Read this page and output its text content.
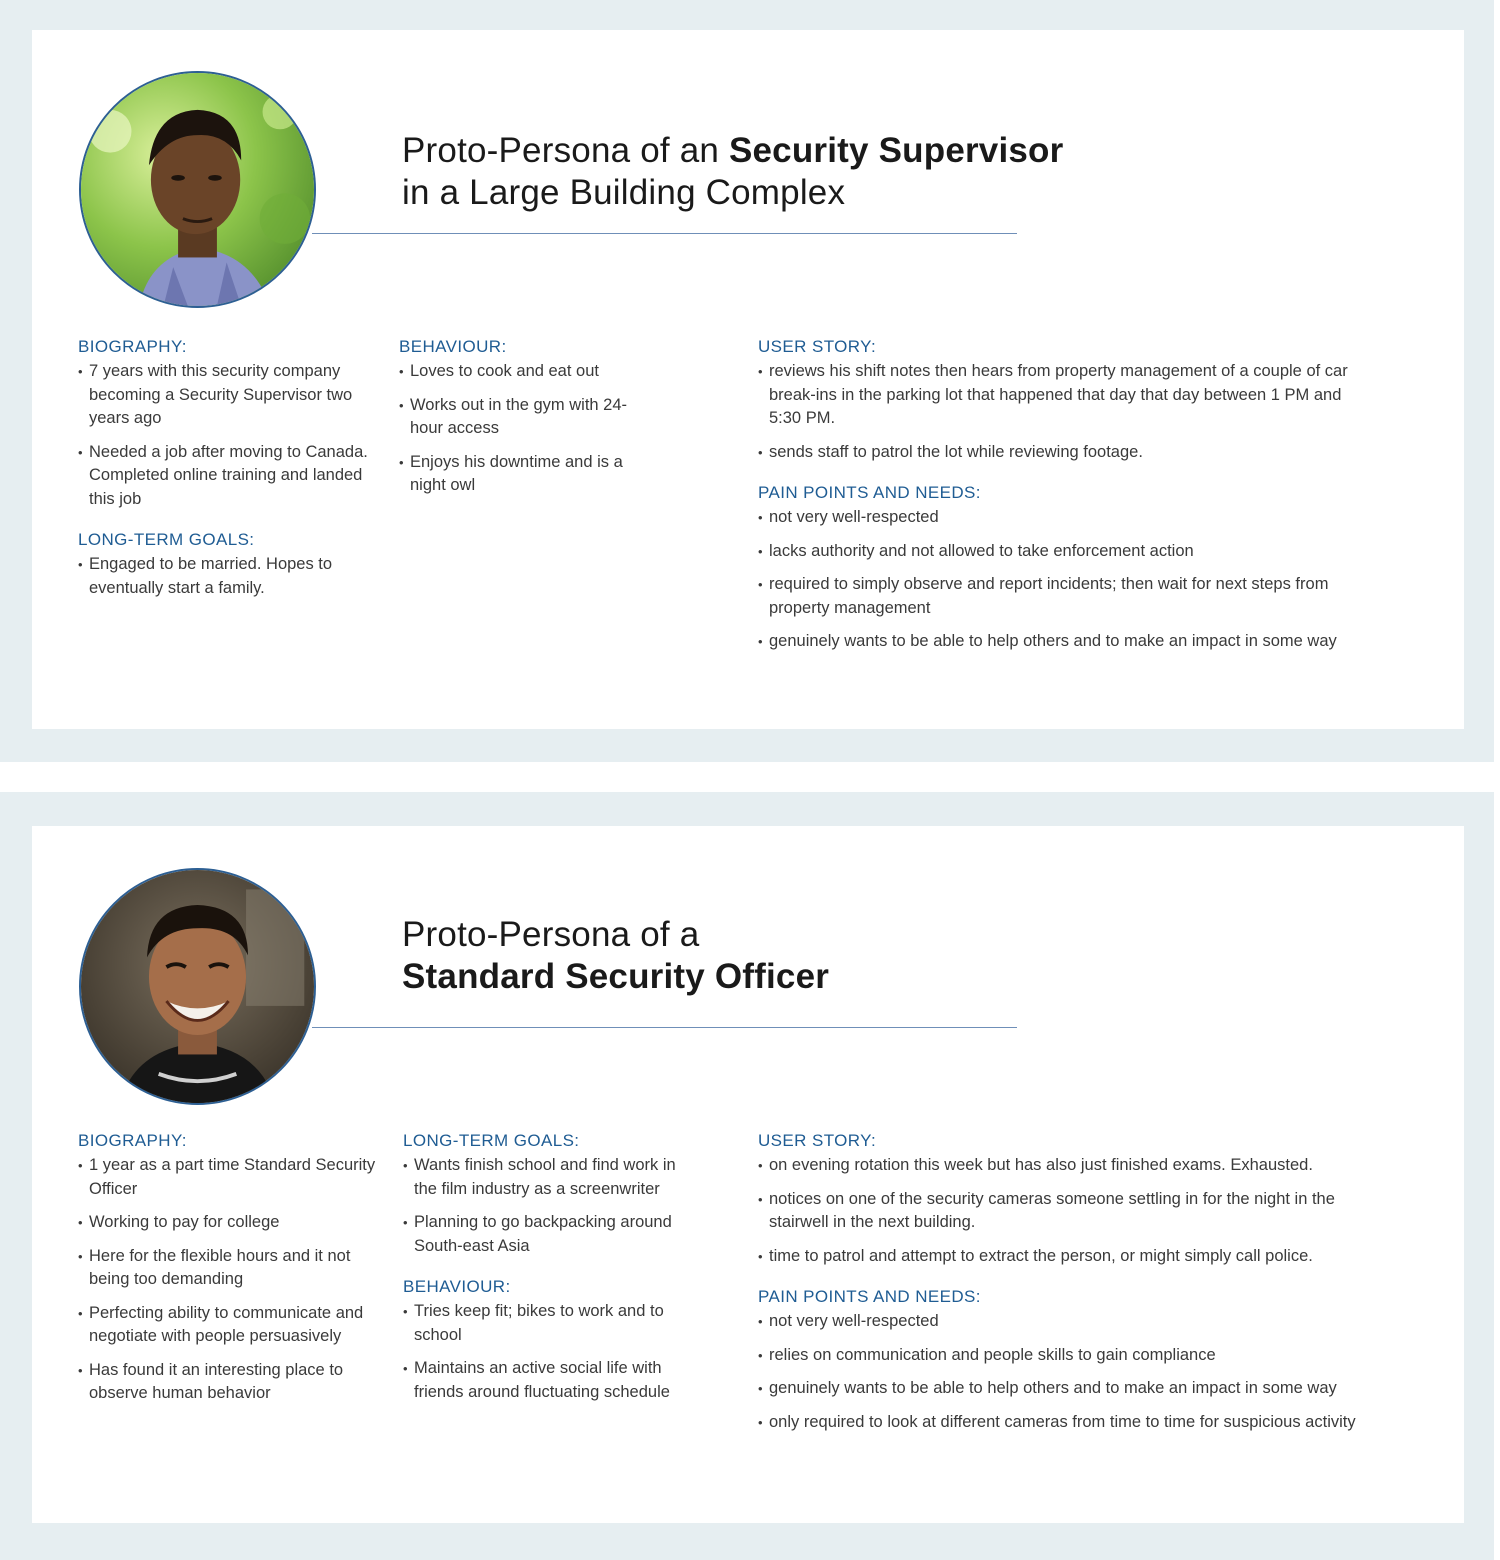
Proto-Persona of an Security Supervisor
in a Large Building Complex
BIOGRAPHY:
• 7 years with this security company becoming a Security Supervisor two years ago
• Needed a job after moving to Canada. Completed online training and landed this job
LONG-TERM GOALS:
• Engaged to be married. Hopes to eventually start a family.
BEHAVIOUR:
• Loves to cook and eat out
• Works out in the gym with 24-hour access
• Enjoys his downtime and is a night owl
USER STORY:
• reviews his shift notes then hears from property management of a couple of car break-ins in the parking lot that happened that day that day between 1 PM and 5:30 PM.
• sends staff to patrol the lot while reviewing footage.
PAIN POINTS AND NEEDS:
• not very well-respected
• lacks authority and not allowed to take enforcement action
• required to simply observe and report incidents; then wait for next steps from property management
• genuinely wants to be able to help others and to make an impact in some way
Proto-Persona of a
Standard Security Officer
BIOGRAPHY:
• 1 year as a part time Standard Security Officer
• Working to pay for college
• Here for the flexible hours and it not being too demanding
• Perfecting ability to communicate and negotiate with people persuasively
• Has found it an interesting place to observe human behavior
LONG-TERM GOALS:
• Wants finish school and find work in the film industry as a screenwriter
• Planning to go backpacking around South-east Asia
BEHAVIOUR:
• Tries keep fit; bikes to work and to school
• Maintains an active social life with friends around fluctuating schedule
USER STORY:
• on evening rotation this week but has also just finished exams. Exhausted.
• notices on one of the security cameras someone settling in for the night in the stairwell in the next building.
• time to patrol and attempt to extract the person, or might simply call police.
PAIN POINTS AND NEEDS:
• not very well-respected
• relies on communication and people skills to gain compliance
• genuinely wants to be able to help others and to make an impact in some way
• only required to look at different cameras from time to time for suspicious activity
